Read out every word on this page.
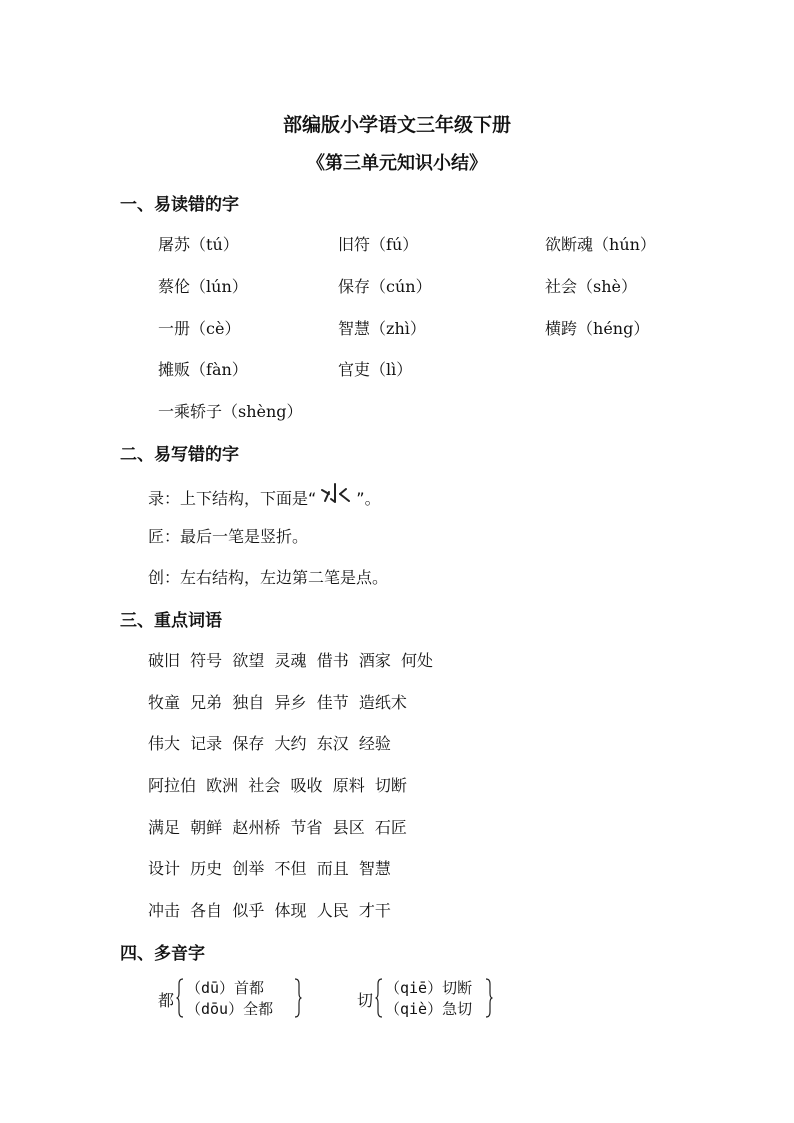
部编版小学语文三年级下册
《第三单元知识小结》
一、易读错的字
屠苏（tú）	旧符（fú）	欲断魂（hún）
蔡伦（lún）	保存（cún）	社会（shè）
一册（cè）	智慧（zhì）	横跨（héng）
摊贩（fàn）	官吏（lì）
一乘轿子（shèng）
二、易写错的字
录：上下结构，下面是“	”。
匠：最后一笔是竖折。
创：左右结构，左边第二笔是点。
三、重点词语
破旧  符号  欲望  灵魂  借书  酒家  何处
牧童  兄弟  独自  异乡  佳节  造纸术
伟大  记录  保存  大约  东汉  经验
阿拉伯  欧洲  社会  吸收  原料  切断
满足  朝鲜  赵州桥  节省  县区  石匠
设计  历史  创举  不但  而且  智慧
冲击  各自  似乎  体现  人民  才干
四、多音字
都
（dū）首都
（dōu）全都	切
（qiē）切断
（qiè）急切
